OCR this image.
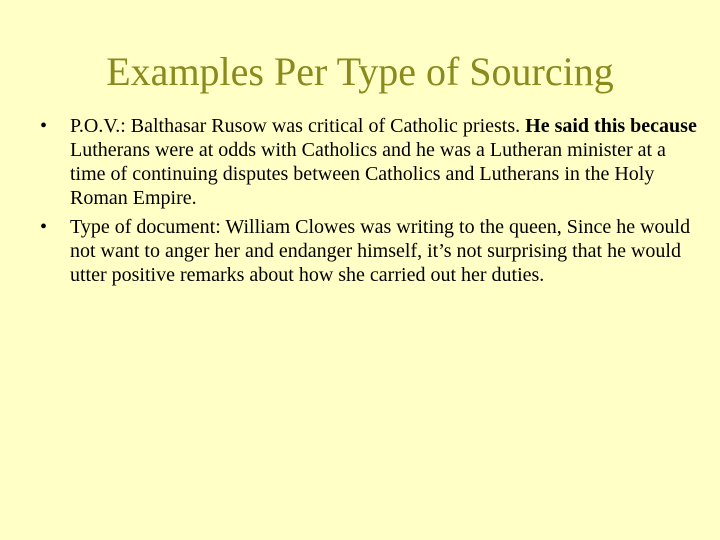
Examples Per Type of Sourcing
•	P.O.V.: Balthasar Rusow was critical of Catholic priests. He said this because Lutherans were at odds with Catholics and he was a Lutheran minister at a time of continuing disputes between Catholics and Lutherans in the Holy Roman Empire.
•	Type of document: William Clowes was writing to the queen, Since he would not want to anger her and endanger himself, it’s not surprising that he would utter positive remarks about how she carried out her duties.
